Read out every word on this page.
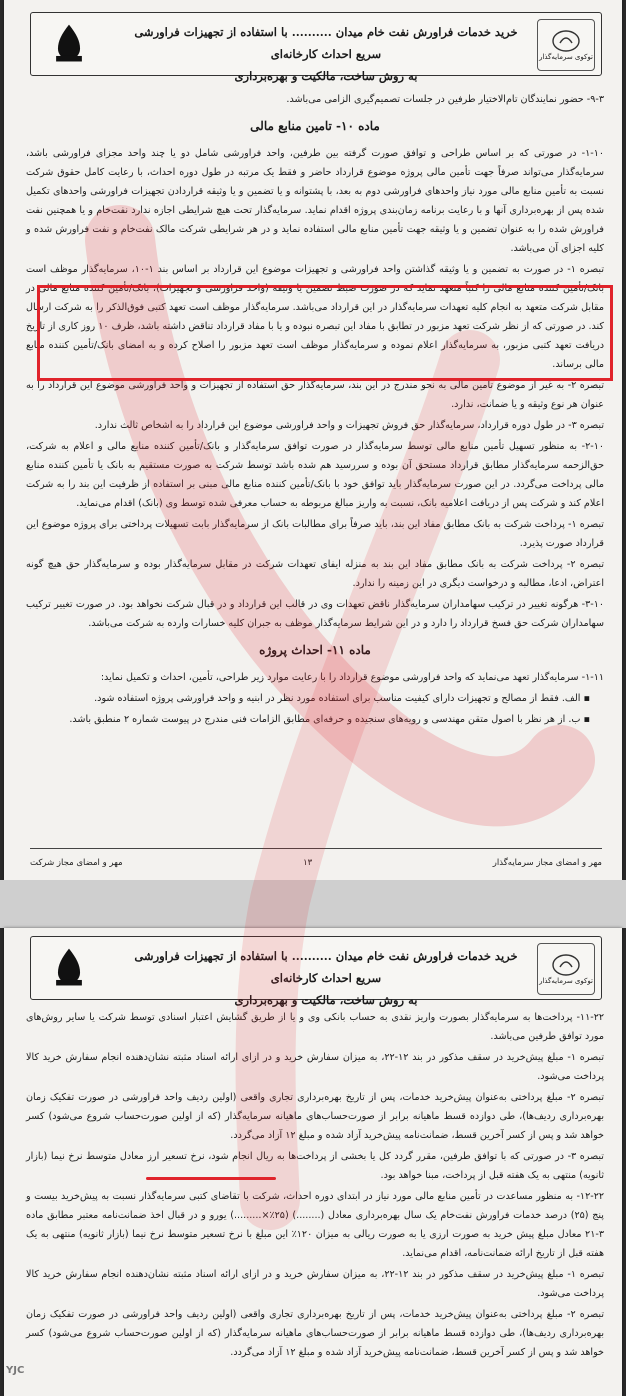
توکوی سرمایه‌گذار
خرید خدمات فراورش نفت خام میدان .......... با استفاده از تجهیزات فراورشی سریع احداث کارخانه‌ای
به روش ساخت، مالکیت و بهره‌برداری

۹-۳- حضور نمایندگان تام‌الاختیار طرفین در جلسات تصمیم‌گیری الزامی می‌باشد.

ماده ۱۰- تامین منابع مالی

۱-۱۰- در صورتی که بر اساس طراحی و توافق صورت گرفته بین طرفین، واحد فراورشی شامل دو یا چند واحد مجزای فراورشی باشد، سرمایه‌گذار می‌تواند صرفاً جهت تأمین مالی پروژه موضوع قرارداد حاضر و فقط یک مرتبه در طول دوره احداث، با رعایت کامل حقوق شرکت نسبت به تأمین منابع مالی مورد نیاز واحدهای فراورشی دوم به بعد، با پشتوانه و یا تضمین و یا وثیقه قراردادن تجهیزات فراورشی واحدهای تکمیل شده پس از بهره‌برداری آنها و با رعایت برنامه زمان‌بندی پروژه اقدام نماید. سرمایه‌گذار تحت هیچ شرایطی اجازه ندارد نفت‌خام و یا همچنین نفت فراورش شده را به عنوان تضمین و یا وثیقه جهت تأمین منابع مالی استفاده نماید و در هر شرایطی شرکت مالک نفت‌خام و نفت فراورش شده و کلیه اجزای آن می‌باشد.

تبصره ۱- در صورت به تضمین و یا وثیقه گذاشتن واحد فراورشی و تجهیزات موضوع این قرارداد بر اساس بند ۱-۱۰، سرمایه‌گذار موظف است بانک/تأمین کننده منابع مالی را کتباً متعهد نماید که در صورت ضبط تضمین یا وثیقه (واحد فراورشی و تجهیزات)، بانک/تأمین کننده منابع مالی در مقابل شرکت متعهد به انجام کلیه تعهدات سرمایه‌گذار در این قرارداد می‌باشد. سرمایه‌گذار موظف است تعهد کتبی فوق‌الذکر را به شرکت ارسال کند. در صورتی که از نظر شرکت تعهد مزبور در تطابق با مفاد این تبصره نبوده و یا با مفاد قرارداد تناقض داشته باشد، ظرف ۱۰ روز کاری از تاریخ دریافت تعهد کتبی مزبور، به سرمایه‌گذار اعلام نموده و سرمایه‌گذار موظف است تعهد مزبور را اصلاح کرده و به امضای بانک/تأمین کننده منابع مالی برساند.

تبصره ۲- به غیر از موضوع تأمین مالی به نحو مندرج در این بند، سرمایه‌گذار حق استفاده از تجهیزات و واحد فراورشی موضوع این قرارداد را به عنوان هر نوع وثیقه و یا ضمانت، ندارد.

تبصره ۳- در طول دوره قرارداد، سرمایه‌گذار حق فروش تجهیزات و واحد فراورشی موضوع این قرارداد را به اشخاص ثالث ندارد.

۲-۱۰- به منظور تسهیل تأمین منابع مالی توسط سرمایه‌گذار در صورت توافق سرمایه‌گذار و بانک/تأمین کننده منابع مالی و اعلام به شرکت، حق‌الزحمه سرمایه‌گذار مطابق قرارداد مستحق آن بوده و سررسید هم شده باشد توسط شرکت به صورت مستقیم به بانک یا تأمین کننده منابع مالی پرداخت می‌گردد. در این صورت سرمایه‌گذار باید توافق خود با بانک/تأمین کننده منابع مالی مبنی بر استفاده از ظرفیت این بند را به شرکت اعلام کند و شرکت پس از دریافت اعلامیه بانک، نسبت به واریز مبالغ مربوطه به حساب معرفی شده توسط وی (بانک) اقدام می‌نماید.

تبصره ۱- پرداخت شرکت به بانک مطابق مفاد این بند، باید صرفاً برای مطالبات بانک از سرمایه‌گذار بابت تسهیلات پرداختی برای پروژه موضوع این قرارداد صورت پذیرد.

تبصره ۲- پرداخت شرکت به بانک مطابق مفاد این بند به منزله ایفای تعهدات شرکت در مقابل سرمایه‌گذار بوده و سرمایه‌گذار حق هیچ گونه اعتراض، ادعا، مطالبه و درخواست دیگری در این زمینه را ندارد.

۳-۱۰- هرگونه تغییر در ترکیب سهامداران سرمایه‌گذار ناقض تعهدات وی در قالب این قرارداد و در قبال شرکت نخواهد بود. در صورت تغییر ترکیب سهامداران شرکت حق فسخ قرارداد را دارد و در این شرایط سرمایه‌گذار موظف به جبران کلیه خسارات وارده به شرکت می‌باشد.

ماده ۱۱- احداث پروژه

۱-۱۱- سرمایه‌گذار تعهد می‌نماید که واحد فراورشی موضوع قرارداد را با رعایت موارد زیر طراحی، تأمین، احداث و تکمیل نماید:

▪ الف. فقط از مصالح و تجهیزات دارای کیفیت مناسب برای استفاده مورد نظر در ابنیه و واحد فراورشی پروژه استفاده شود.
▪ ب. از هر نظر با اصول متقن مهندسی و رویه‌های سنجیده و حرفه‌ای مطابق الزامات فنی مندرج در پیوست شماره ۲ منطبق باشد.
مهر و امضای مجاز شرکت	۱۳	مهر و امضای مجاز سرمایه‌گذار
توکوی سرمایه‌گذار
خرید خدمات فراورش نفت خام میدان .......... با استفاده از تجهیزات فراورشی سریع احداث کارخانه‌ای
به روش ساخت، مالکیت و بهره‌برداری

۱۱-۲۲- پرداخت‌ها به سرمایه‌گذار بصورت واریز نقدی به حساب بانکی وی و یا از طریق گشایش اعتبار اسنادی توسط شرکت یا سایر روش‌های مورد توافق طرفین می‌باشد.

تبصره ۱- مبلغ پیش‌خرید در سقف مذکور در بند ۱۲-۲۲، به میزان سفارش خرید و در ازای ارائه اسناد مثبته نشان‌دهنده انجام سفارش خرید کالا پرداخت می‌شود.

تبصره ۲- مبلغ پرداختی به‌عنوان پیش‌خرید خدمات، پس از تاریخ بهره‌برداری تجاری واقعی (اولین ردیف واحد فراورشی در صورت تفکیک زمان بهره‌برداری ردیف‌ها)، طی دوازده قسط ماهیانه برابر از صورت‌حساب‌های ماهیانه سرمایه‌گذار (که از اولین صورت‌حساب شروع می‌شود) کسر خواهد شد و پس از کسر آخرین قسط، ضمانت‌نامه پیش‌خرید آزاد شده و مبلغ ۱۲ آزاد می‌گردد.

تبصره ۳- در صورتی که با توافق طرفین، مقرر گردد کل یا بخشی از پرداخت‌ها به ریال انجام شود، نرخ تسعیر ارز معادل متوسط نرخ نیما (بازار ثانویه) منتهی به یک هفته قبل از پرداخت، مبنا خواهد بود.

۱۲-۲۲- به منظور مساعدت در تأمین منابع مالی مورد نیاز در ابتدای دوره احداث، شرکت با تقاضای کتبی سرمایه‌گذار نسبت به پیش‌خرید بیست و پنج (۲۵) درصد خدمات فراورش نفت‌خام یک سال بهره‌برداری معادل (........) (۲۵٪×.........) یورو و در قبال اخذ ضمانت‌نامه معتبر مطابق ماده ۳-۲۱ معادل مبلغ پیش خرید به صورت ارزی یا به صورت ریالی به میزان ۱۲۰٪ این مبلغ با نرخ تسعیر متوسط نرخ نیما (بازار ثانویه) منتهی به یک هفته قبل از تاریخ ارائه ضمانت‌نامه، اقدام می‌نماید.

تبصره ۱- مبلغ پیش‌خرید در سقف مذکور در بند ۱۲-۲۲، به میزان سفارش خرید و در ازای ارائه اسناد مثبته نشان‌دهنده انجام سفارش خرید کالا پرداخت می‌شود.

تبصره ۲- مبلغ پرداختی به‌عنوان پیش‌خرید خدمات، پس از تاریخ بهره‌برداری تجاری واقعی (اولین ردیف واحد فراورشی در صورت تفکیک زمان بهره‌برداری ردیف‌ها)، طی دوازده قسط ماهیانه برابر از صورت‌حساب‌های ماهیانه سرمایه‌گذار (که از اولین صورت‌حساب شروع می‌شود) کسر خواهد شد و پس از کسر آخرین قسط، ضمانت‌نامه پیش‌خرید آزاد شده و مبلغ ۱۲ آزاد می‌گردد.

YJC
